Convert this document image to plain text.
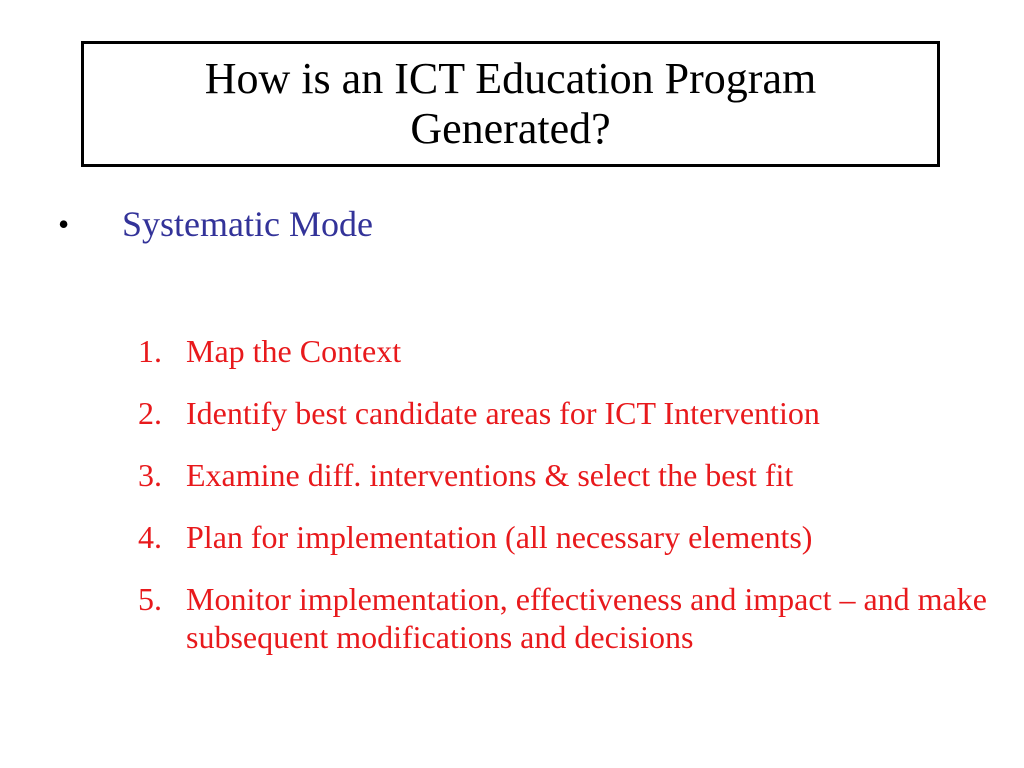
How is an ICT Education Program Generated?
•	Systematic Mode
1. Map the Context
2. Identify best candidate areas for ICT Intervention
3. Examine diff. interventions & select the best fit
4. Plan for implementation (all necessary elements)
5. Monitor implementation, effectiveness and impact – and make subsequent modifications and decisions
